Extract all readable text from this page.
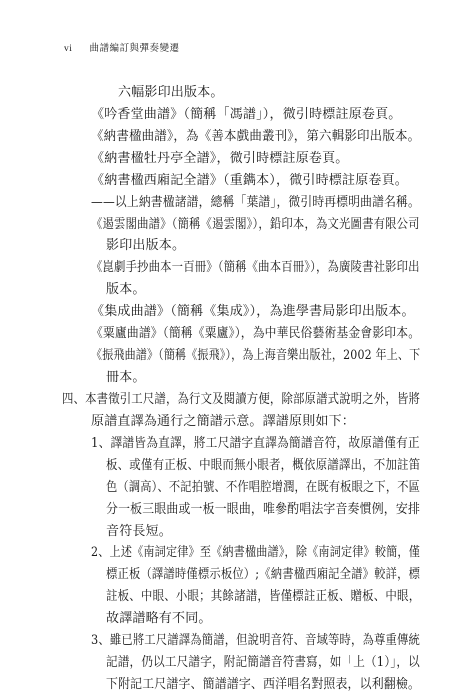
vi 曲譜編訂與彈奏變遷
六幅影印出版本。
《吟香堂曲譜》（簡稱「馮譜」），微引時標註原卷頁。
《納書楹曲譜》，為《善本戲曲叢刊》，第六輯影印出版本。
《納書楹牡丹亭全譜》，微引時標註原卷頁。
《納書楹西廂記全譜》（重鐫本），微引時標註原卷頁。
——以上納書楹諸譜，總稱「葉譜」，微引時再標明曲譜名稱。
《遏雲閣曲譜》（簡稱《遏雲閣》），鉛印本，為文光圖書有限公司
影印出版本。
《崑劇手抄曲本一百冊》（簡稱《曲本百冊》），為廣陵書社影印出
版本。
《集成曲譜》（簡稱《集成》），為進學書局影印出版本。
《粟廬曲譜》（簡稱《粟廬》），為中華民俗藝術基金會影印本。
《振飛曲譜》（簡稱《振飛》），為上海音樂出版社，2002 年上、下
冊本。
四、本書徵引工尺譜，為行文及閱讀方便，除部原譜式說明之外，皆將
原譜直譯為通行之簡譜示意。譯譜原則如下：
1、譯譜皆為直譯，將工尺譜字直譯為簡譜音符，故原譜僅有正
板、或僅有正板、中眼而無小眼者，概依原譜譯出，不加註笛
色（調高）、不記拍號、不作唱腔增潤，在既有板眼之下，不區
分一板三眼曲或一板一眼曲，唯參酌唱法字音奏慣例，安排
音符長短。
2、上述《南詞定律》至《納書楹曲譜》，除《南詞定律》較簡，僅
標正板（譯譜時僅標示板位）;《納書楹西廂記全譜》較詳，標
註板、中眼、小眼；其餘諸譜，皆僅標註正板、贈板、中眼，
故譯譜略有不同。
3、雖已將工尺譜譯為簡譜，但說明音符、音域等時，為尊重傳統
記譜，仍以工尺譜字，附記簡譜音符書寫，如「上（1）」，以
下附記工尺譜字、簡譜譜字、西洋唱名對照表，以利翻檢。
